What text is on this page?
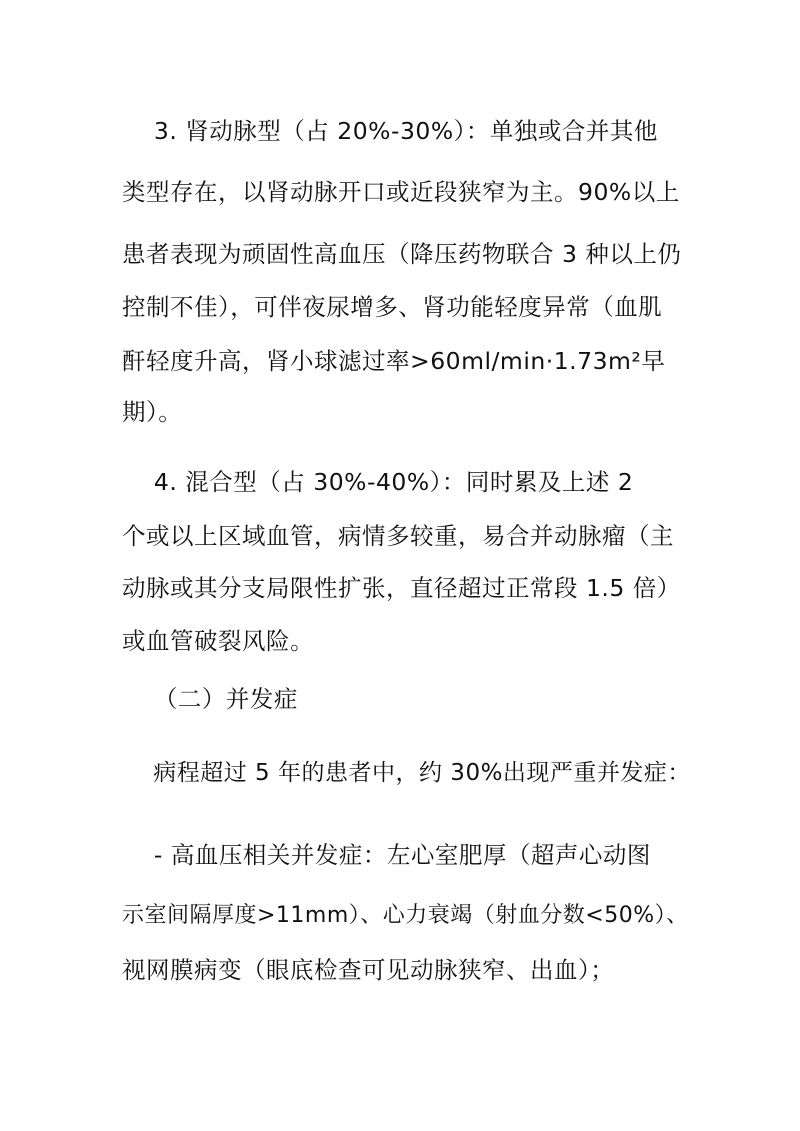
3. 肾动脉型（占 20%-30%）：单独或合并其他
类型存在，以肾动脉开口或近段狭窄为主。90%以上
患者表现为顽固性高血压（降压药物联合 3 种以上仍
控制不佳），可伴夜尿增多、肾功能轻度异常（血肌
酐轻度升高，肾小球滤过率>60ml/min·1.73m²早
期）。
4. 混合型（占 30%-40%）：同时累及上述 2
个或以上区域血管，病情多较重，易合并动脉瘤（主
动脉或其分支局限性扩张，直径超过正常段 1.5 倍）
或血管破裂风险。
（二）并发症
病程超过 5 年的患者中，约 30%出现严重并发症：
- 高血压相关并发症：左心室肥厚（超声心动图
示室间隔厚度>11mm）、心力衰竭（射血分数<50%）、
视网膜病变（眼底检查可见动脉狭窄、出血）；
